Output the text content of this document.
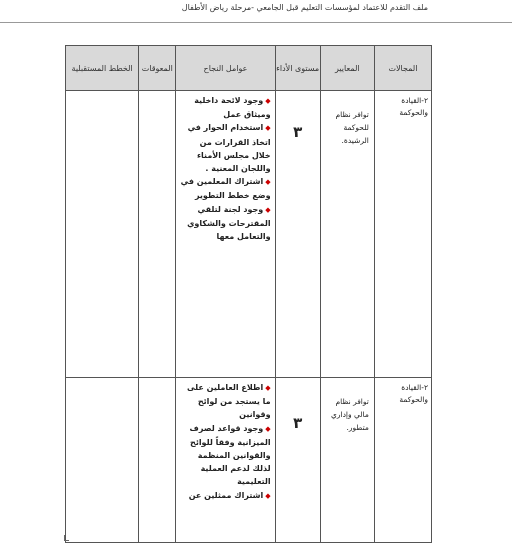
ملف التقدم للاعتماد لمؤسسات التعليم قبل الجامعي -مرحلة رياض الأطفال
المجالات	المعايير	مستوى الأداء	عوامل النجاح	المعوقات	الخطط المستقبلية

٢-القيادة والحوكمة	توافر نظام للحوكمة الرشيدة.	٣	◆وجود لائحة داخلية وميثاق عمل
◆استخدام الحوار في اتخاذ القرارات من خلال مجلس الأمناء واللجان المعنية .
◆اشتراك المعلمين في وضع خطط التطوير
◆وجود لجنة لتلقي المقترحات والشكاوي والتعامل معها		

٢-القيادة والحوكمة	توافر نظام مالي وإداري متطور.	٣	◆اطلاع العاملين على ما يستجد من لوائح وقوانين
◆وجود قواعد لصرف الميزانية وفقاً للوائح والقوانين المنظمة لذلك لدعم العملية التعليمية
◆اشتراك ممثلين عن		
